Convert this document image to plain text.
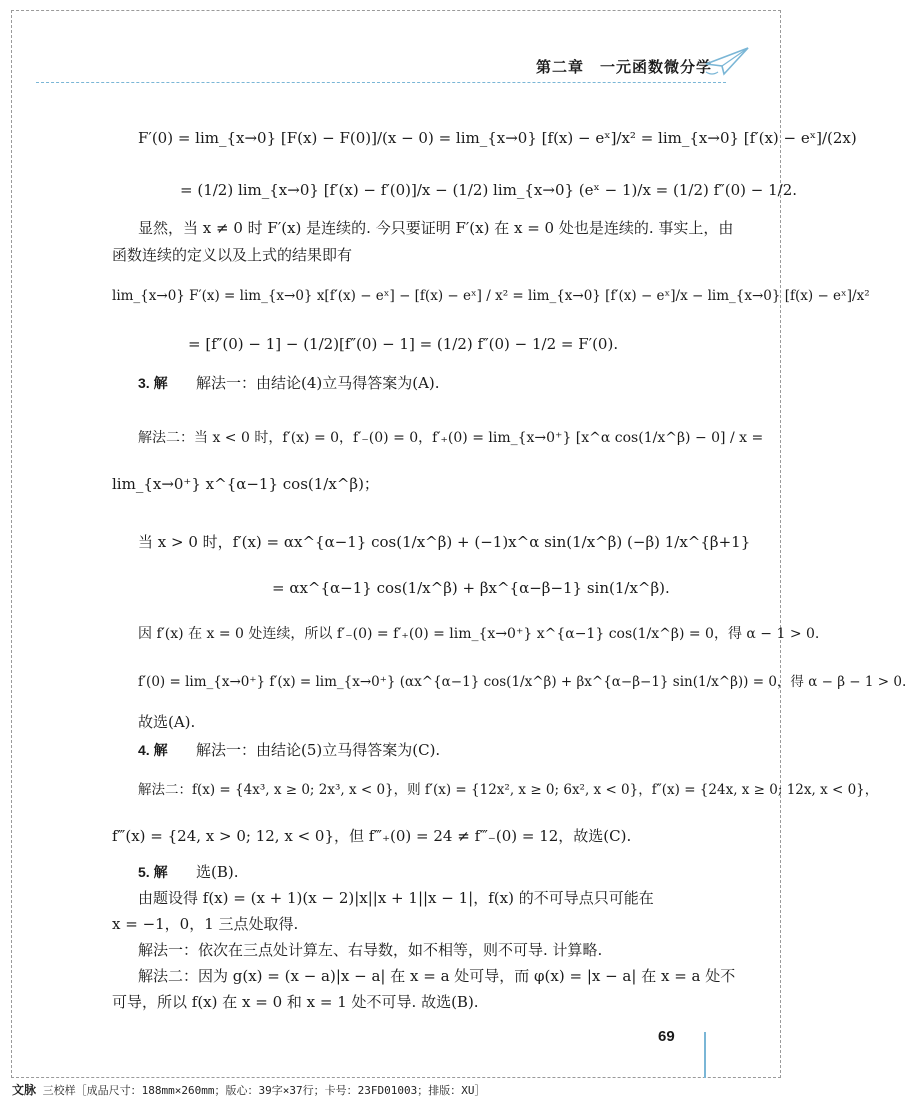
第二章　一元函数微分学
F′(0) = lim_{x→0} [F(x) − F(0)]/(x − 0) = lim_{x→0} [f(x) − eˣ]/x² = lim_{x→0} [f′(x) − eˣ]/(2x)
= (1/2) lim_{x→0} [f′(x) − f′(0)]/x − (1/2) lim_{x→0} (eˣ − 1)/x = (1/2) f″(0) − 1/2.
显然，当 x ≠ 0 时 F′(x) 是连续的. 今只要证明 F′(x) 在 x = 0 处也是连续的. 事实上，由
函数连续的定义以及上式的结果即有
lim_{x→0} F′(x) = lim_{x→0} x[f′(x) − eˣ] − [f(x) − eˣ] / x² = lim_{x→0} [f′(x) − eˣ]/x − lim_{x→0} [f(x) − eˣ]/x²
= [f″(0) − 1] − (1/2)[f″(0) − 1] = (1/2) f″(0) − 1/2 = F′(0).
3. 解 解法一：由结论(4)立马得答案为(A).
解法二：当 x < 0 时，f′(x) = 0，f′₋(0) = 0，f′₊(0) = lim_{x→0⁺} [x^α cos(1/x^β) − 0] / x =
lim_{x→0⁺} x^{α−1} cos(1/x^β)；
当 x > 0 时，f′(x) = αx^{α−1} cos(1/x^β) + (−1)x^α sin(1/x^β) (−β) 1/x^{β+1}
= αx^{α−1} cos(1/x^β) + βx^{α−β−1} sin(1/x^β).
因 f′(x) 在 x = 0 处连续，所以 f′₋(0) = f′₊(0) = lim_{x→0⁺} x^{α−1} cos(1/x^β) = 0，得 α − 1 > 0.
f′(0) = lim_{x→0⁺} f′(x) = lim_{x→0⁺} (αx^{α−1} cos(1/x^β) + βx^{α−β−1} sin(1/x^β)) = 0，得 α − β − 1 > 0.
故选(A).
4. 解 解法一：由结论(5)立马得答案为(C).
解法二：f(x) = {4x³, x ≥ 0; 2x³, x < 0}，则 f′(x) = {12x², x ≥ 0; 6x², x < 0}，f″(x) = {24x, x ≥ 0; 12x, x < 0}，
f‴(x) = {24, x > 0; 12, x < 0}，但 f‴₊(0) = 24 ≠ f‴₋(0) = 12，故选(C).
5. 解 选(B).
由题设得 f(x) = (x + 1)(x − 2)|x||x + 1||x − 1|，f(x) 的不可导点只可能在
x = −1，0，1 三点处取得.
解法一：依次在三点处计算左、右导数，如不相等，则不可导. 计算略.
解法二：因为 g(x) = (x − a)|x − a| 在 x = a 处可导，而 φ(x) = |x − a| 在 x = a 处不
可导，所以 f(x) 在 x = 0 和 x = 1 处不可导. 故选(B).
69
文脉 三校样［成品尺寸：188mm×260mm；版心：39字×37行；卡号：23FD01003；排版：XU］
